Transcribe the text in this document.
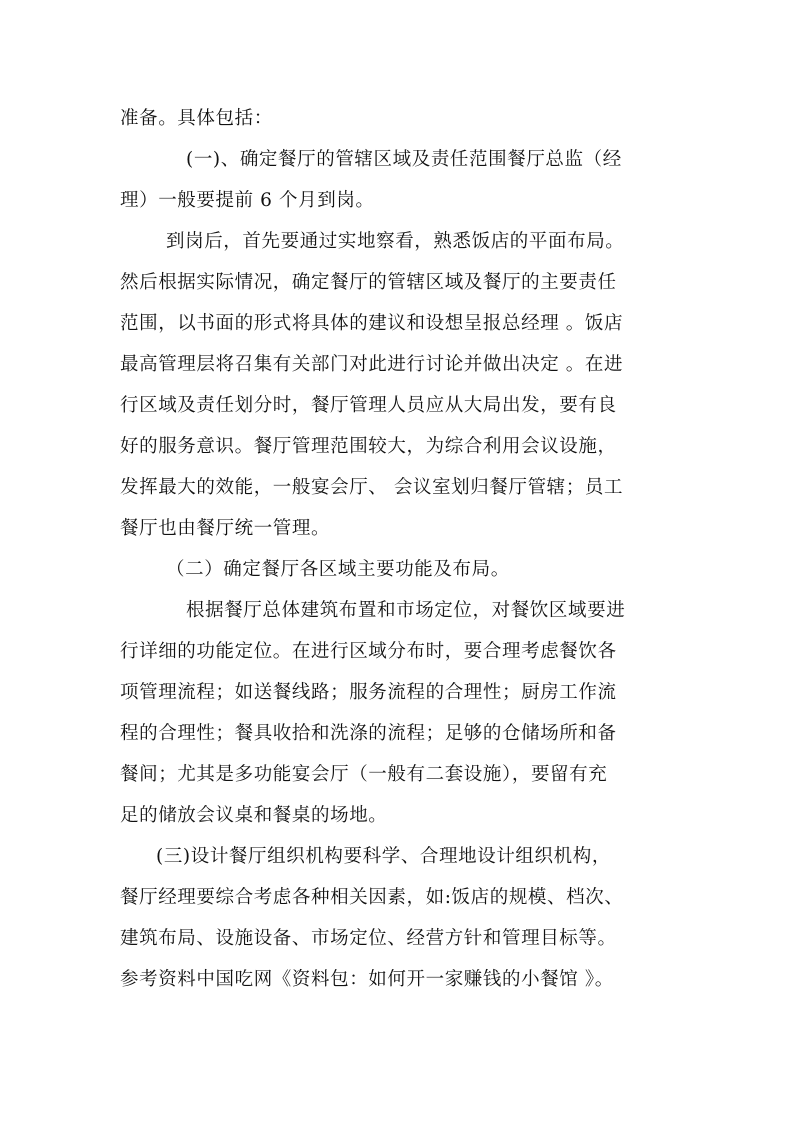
准备。具体包括：
(一)、确定餐厅的管辖区域及责任范围餐厅总监（经
理）一般要提前 6 个月到岗。
到岗后，首先要通过实地察看，熟悉饭店的平面布局。
然后根据实际情况，确定餐厅的管辖区域及餐厅的主要责任
范围，以书面的形式将具体的建议和设想呈报总经理 。饭店
最高管理层将召集有关部门对此进行讨论并做出决定 。在进
行区域及责任划分时，餐厅管理人员应从大局出发，要有良
好的服务意识。餐厅管理范围较大，为综合利用会议设施，
发挥最大的效能，一般宴会厅、 会议室划归餐厅管辖；员工
餐厅也由餐厅统一管理。
（二）确定餐厅各区域主要功能及布局。
根据餐厅总体建筑布置和市场定位，对餐饮区域要进
行详细的功能定位。在进行区域分布时，要合理考虑餐饮各
项管理流程；如送餐线路；服务流程的合理性；厨房工作流
程的合理性；餐具收拾和洗涤的流程；足够的仓储场所和备
餐间；尤其是多功能宴会厅（一般有二套设施），要留有充
足的储放会议桌和餐桌的场地。
(三)设计餐厅组织机构要科学、合理地设计组织机构，
餐厅经理要综合考虑各种相关因素，如:饭店的规模、档次、
建筑布局、设施设备、市场定位、经营方针和管理目标等。
参考资料中国吃网《资料包：如何开一家赚钱的小餐馆 》。
